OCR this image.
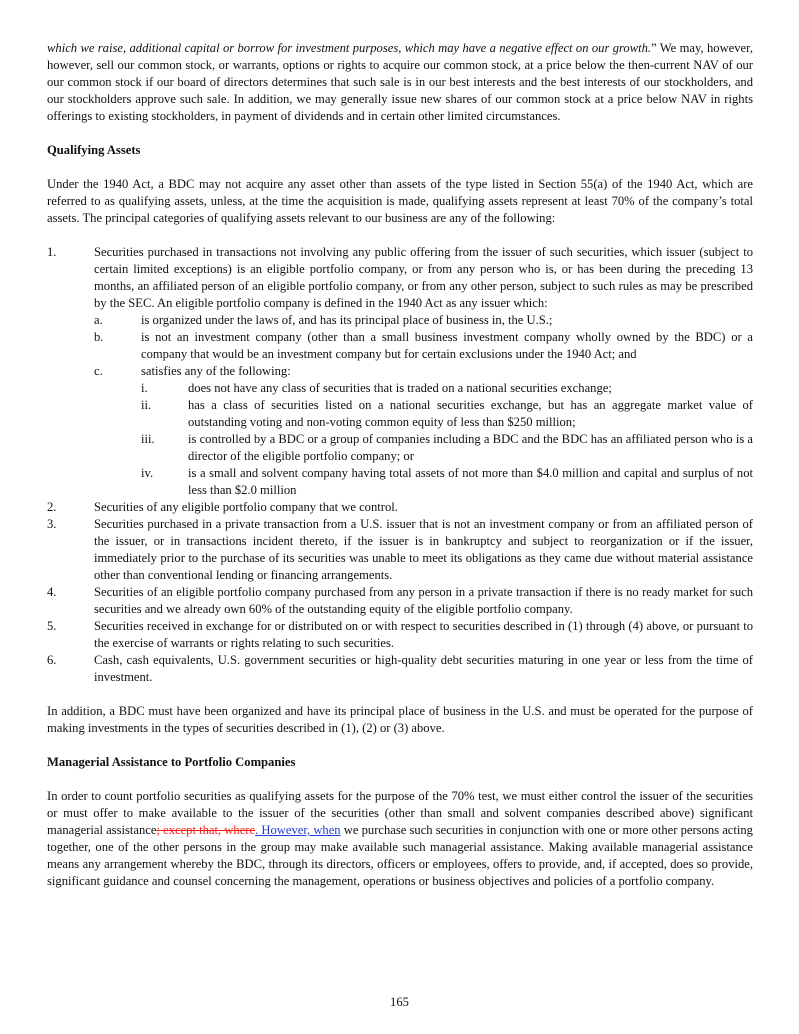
which we raise, additional capital or borrow for investment purposes, which may have a negative effect on our growth.” We may, however, however, sell our common stock, or warrants, options or rights to acquire our common stock, at a price below the then-current NAV of our our common stock if our board of directors determines that such sale is in our best interests and the best interests of our stockholders, and our stockholders approve such sale. In addition, we may generally issue new shares of our common stock at a price below NAV in rights offerings to existing stockholders, in payment of dividends and in certain other limited circumstances.

Qualifying Assets

Under the 1940 Act, a BDC may not acquire any asset other than assets of the type listed in Section 55(a) of the 1940 Act, which are referred to as qualifying assets, unless, at the time the acquisition is made, qualifying assets represent at least 70% of the company’s total assets. The principal categories of qualifying assets relevant to our business are any of the following:

1.	Securities purchased in transactions not involving any public offering from the issuer of such securities, which issuer (subject to certain limited exceptions) is an eligible portfolio company, or from any person who is, or has been during the preceding 13 months, an affiliated person of an eligible portfolio company, or from any other person, subject to such rules as may be prescribed by the SEC. An eligible portfolio company is defined in the 1940 Act as any issuer which:
a.	is organized under the laws of, and has its principal place of business in, the U.S.;
b.	is not an investment company (other than a small business investment company wholly owned by the BDC) or a company that would be an investment company but for certain exclusions under the 1940 Act; and
c.	satisfies any of the following:
i.	does not have any class of securities that is traded on a national securities exchange;
ii.	has a class of securities listed on a national securities exchange, but has an aggregate market value of outstanding voting and non-voting common equity of less than $250 million;
iii.	is controlled by a BDC or a group of companies including a BDC and the BDC has an affiliated person who is a director of the eligible portfolio company; or
iv.	is a small and solvent company having total assets of not more than $4.0 million and capital and surplus of not less than $2.0 million
2.	Securities of any eligible portfolio company that we control.
3.	Securities purchased in a private transaction from a U.S. issuer that is not an investment company or from an affiliated person of the issuer, or in transactions incident thereto, if the issuer is in bankruptcy and subject to reorganization or if the issuer, immediately prior to the purchase of its securities was unable to meet its obligations as they came due without material assistance other than conventional lending or financing arrangements.
4.	Securities of an eligible portfolio company purchased from any person in a private transaction if there is no ready market for such securities and we already own 60% of the outstanding equity of the eligible portfolio company.
5.	Securities received in exchange for or distributed on or with respect to securities described in (1) through (4) above, or pursuant to the exercise of warrants or rights relating to such securities.
6.	Cash, cash equivalents, U.S. government securities or high-quality debt securities maturing in one year or less from the time of investment.

In addition, a BDC must have been organized and have its principal place of business in the U.S. and must be operated for the purpose of making investments in the types of securities described in (1), (2) or (3) above.

Managerial Assistance to Portfolio Companies

In order to count portfolio securities as qualifying assets for the purpose of the 70% test, we must either control the issuer of the securities or must offer to make available to the issuer of the securities (other than small and solvent companies described above) significant managerial assistance; except that, where. However, when we purchase such securities in conjunction with one or more other persons acting together, one of the other persons in the group may make available such managerial assistance. Making available managerial assistance means any arrangement whereby the BDC, through its directors, officers or employees, offers to provide, and, if accepted, does so provide, significant guidance and counsel concerning the management, operations or business objectives and policies of a portfolio company.

165
